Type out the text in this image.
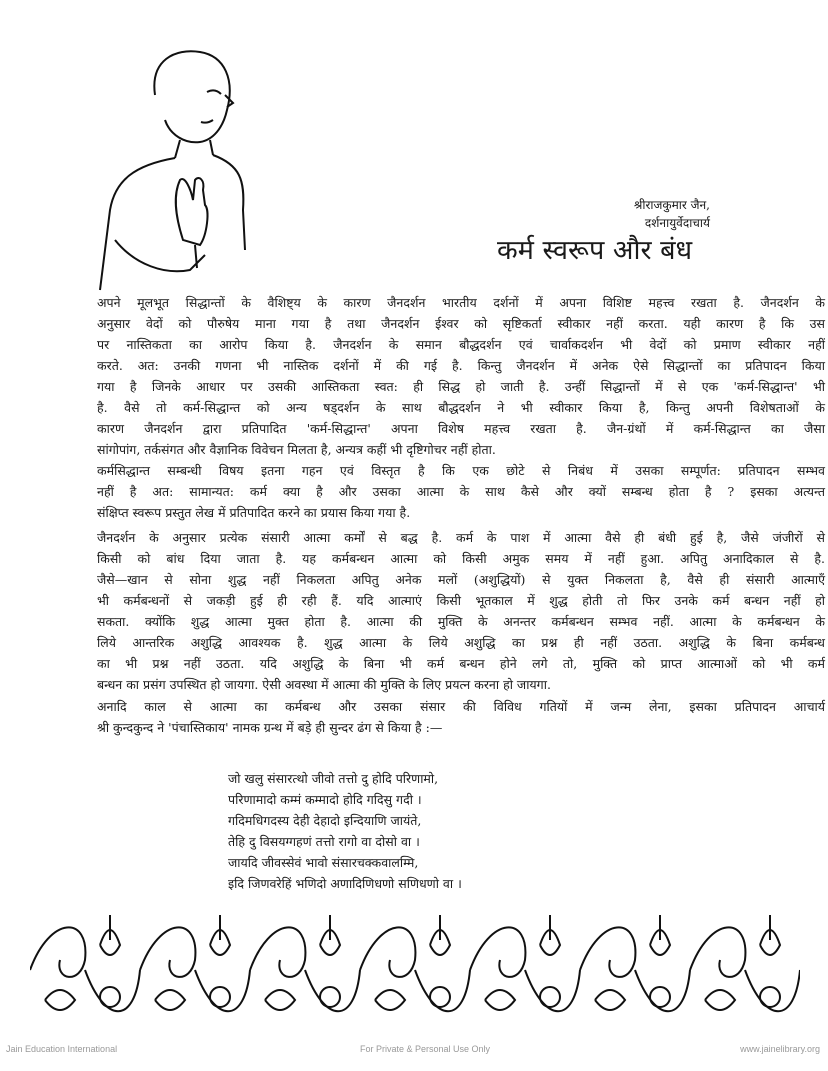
श्रीराजकुमार जैन,
दर्शनायुर्वेदाचार्य
कर्म स्वरूप और बंध
अपने मूलभूत सिद्धान्तों के वैशिष्ट्य के कारण जैनदर्शन भारतीय दर्शनों में अपना विशिष्ट महत्त्व रखता है. जैनदर्शन के
अनुसार वेदों को पौरुषेय माना गया है तथा जैनदर्शन ईश्वर को सृष्टिकर्ता स्वीकार नहीं करता. यही कारण है कि उस
पर नास्तिकता का आरोप किया है. जैनदर्शन के समान बौद्धदर्शन एवं चार्वाकदर्शन भी वेदों को प्रमाण स्वीकार नहीं
करते. अत: उनकी गणना भी नास्तिक दर्शनों में की गई है. किन्तु जैनदर्शन में अनेक ऐसे सिद्धान्तों का प्रतिपादन किया
गया है जिनके आधार पर उसकी आस्तिकता स्वत: ही सिद्ध हो जाती है. उन्हीं सिद्धान्तों में से एक 'कर्म-सिद्धान्त' भी
है. वैसे तो कर्म-सिद्धान्त को अन्य षड्दर्शन के साथ बौद्धदर्शन ने भी स्वीकार किया है, किन्तु अपनी विशेषताओं के
कारण जैनदर्शन द्वारा प्रतिपादित 'कर्म-सिद्धान्त' अपना विशेष महत्त्व रखता है. जैन-ग्रंथों में कर्म-सिद्धान्त का जैसा
सांगोपांग, तर्कसंगत और वैज्ञानिक विवेचन मिलता है, अन्यत्र कहीं भी दृष्टिगोचर नहीं होता.
कर्मसिद्धान्त सम्बन्धी विषय इतना गहन एवं विस्तृत है कि एक छोटे से निबंध में उसका सम्पूर्णत: प्रतिपादन सम्भव
नहीं है अत: सामान्यत: कर्म क्या है और उसका आत्मा के साथ कैसे और क्यों सम्बन्ध होता है ? इसका अत्यन्त
संक्षिप्त स्वरूप प्रस्तुत लेख में प्रतिपादित करने का प्रयास किया गया है.
जैनदर्शन के अनुसार प्रत्येक संसारी आत्मा कर्मों से बद्ध है. कर्म के पाश में आत्मा वैसे ही बंधी हुई है, जैसे जंजीरों से
किसी को बांध दिया जाता है. यह कर्मबन्धन आत्मा को किसी अमुक समय में नहीं हुआ. अपितु अनादिकाल से है.
जैसे—खान से सोना शुद्ध नहीं निकलता अपितु अनेक मलों (अशुद्धियों) से युक्त निकलता है, वैसे ही संसारी आत्माएँ
भी कर्मबन्धनों से जकड़ी हुई ही रही हैं. यदि आत्माएं किसी भूतकाल में शुद्ध होती तो फिर उनके कर्म बन्धन नहीं हो
सकता. क्योंकि शुद्ध आत्मा मुक्त होता है. आत्मा की मुक्ति के अनन्तर कर्मबन्धन सम्भव नहीं. आत्मा के कर्मबन्धन के
लिये आन्तरिक अशुद्धि आवश्यक है. शुद्ध आत्मा के लिये अशुद्धि का प्रश्न ही नहीं उठता. अशुद्धि के बिना कर्मबन्ध
का भी प्रश्न नहीं उठता. यदि अशुद्धि के बिना भी कर्म बन्धन होने लगे तो, मुक्ति को प्राप्त आत्माओं को भी कर्म
बन्धन का प्रसंग उपस्थित हो जायगा. ऐसी अवस्था में आत्मा की मुक्ति के लिए प्रयत्न करना हो जायगा.
अनादि काल से आत्मा का कर्मबन्ध और उसका संसार की विविध गतियों में जन्म लेना, इसका प्रतिपादन आचार्य
श्री कुन्दकुन्द ने 'पंचास्तिकाय' नामक ग्रन्थ में बड़े ही सुन्दर ढंग से किया है :—
जो खलु संसारत्थो जीवो तत्तो दु होदि परिणामो,
परिणामादो कम्मं कम्मादो होदि गदिसु गदी ।
गदिमधिगदस्य देही देहादो इन्दियाणि जायंते,
तेहि दु विसयग्गहणं तत्तो रागो वा दोसो वा ।
जायदि जीवस्सेवं भावो संसारचक्कवालम्मि,
इदि जिणवरेहिं भणिदो अणादिणिधणो सणिधणो वा ।
Jain Education International	For Private & Personal Use Only	www.jainelibrary.org
